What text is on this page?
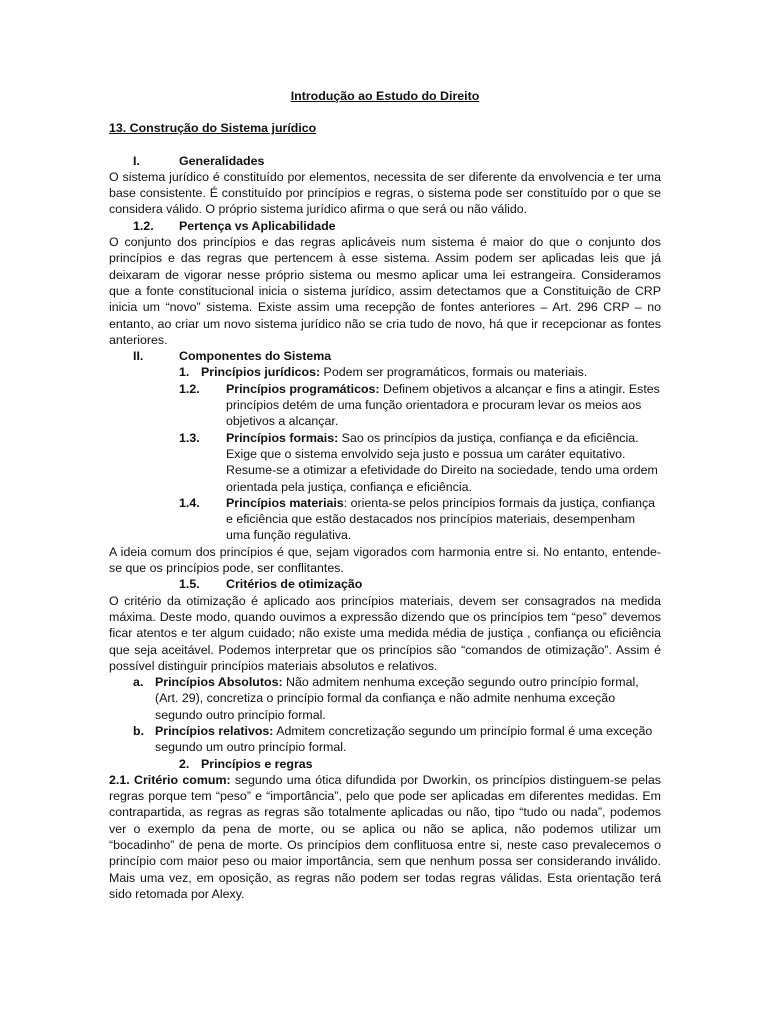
Introdução ao Estudo do Direito
13. Construção do Sistema jurídico
I.	Generalidades
O sistema jurídico é constituído por elementos, necessita de ser diferente da envolvencia e ter uma base consistente. É constituído por princípios e regras, o sistema pode ser constituído por o que se considera válido. O próprio sistema jurídico afirma o que será ou não válido.
1.2. Pertença vs Aplicabilidade
O conjunto dos princípios e das regras aplicáveis num sistema é maior do que o conjunto dos princípios e das regras que pertencem à esse sistema. Assim podem ser aplicadas leis que já deixaram de vigorar nesse próprio sistema ou mesmo aplicar uma lei estrangeira. Consideramos que a fonte constitucional inicia o sistema jurídico, assim detectamos que a Constituição de CRP inicia um “novo” sistema. Existe assim uma recepção de fontes anteriores – Art. 296 CRP – no entanto, ao criar um novo sistema jurídico não se cria tudo de novo, há que ir recepcionar as fontes anteriores.
II.	Componentes do Sistema
1. Princípios jurídicos: Podem ser programáticos, formais ou materiais.
1.2. Princípios programáticos: Definem objetivos a alcançar e fins a atingir. Estes princípios detém de uma função orientadora e procuram levar os meios aos objetivos a alcançar.
1.3. Princípios formais: Sao os princípios da justiça, confiança e da eficiência. Exige que o sistema envolvido seja justo e possua um caráter equitativo. Resume-se a otimizar a efetividade do Direito na sociedade, tendo uma ordem orientada pela justiça, confiança e eficiência.
1.4. Princípios materiais: orienta-se pelos princípios formais da justiça, confiança e eficiência que estão destacados nos princípios materiais, desempenham uma função regulativa.
A ideia comum dos princípios é que, sejam vigorados com harmonia entre si. No entanto, entende-se que os princípios pode, ser conflitantes.
1.5. Critérios de otimização
O critério da otimização é aplicado aos princípios materiais, devem ser consagrados na medida máxima. Deste modo, quando ouvimos a expressão dizendo que os princípios tem “peso” devemos ficar atentos e ter algum cuidado; não existe uma medida média de justiça , confiança ou eficiência que seja aceitável. Podemos interpretar que os princípios são “comandos de otimização”. Assim é possível distinguir princípios materiais absolutos e relativos.
a. Princípios Absolutos: Não admitem nenhuma exceção segundo outro princípio formal, (Art. 29), concretiza o princípio formal da confiança e não admite nenhuma exceção segundo outro princípio formal.
b. Princípios relativos: Admitem concretização segundo um princípio formal é uma exceção segundo um outro princípio formal.
2. Princípios e regras
2.1. Critério comum: segundo uma ótica difundida por Dworkin, os princípios distinguem-se pelas regras porque tem “peso” e “importância”, pelo que pode ser aplicadas em diferentes medidas. Em contrapartida, as regras as regras são totalmente aplicadas ou não, tipo “tudo ou nada”, podemos ver o exemplo da pena de morte, ou se aplica ou não se aplica, não podemos utilizar um “bocadinho” de pena de morte. Os princípios dem conflituosa entre si, neste caso prevalecemos o princípio com maior peso ou maior importância, sem que nenhum possa ser considerando inválido. Mais uma vez, em oposição, as regras não podem ser todas regras válidas. Esta orientação terá sido retomada por Alexy.
